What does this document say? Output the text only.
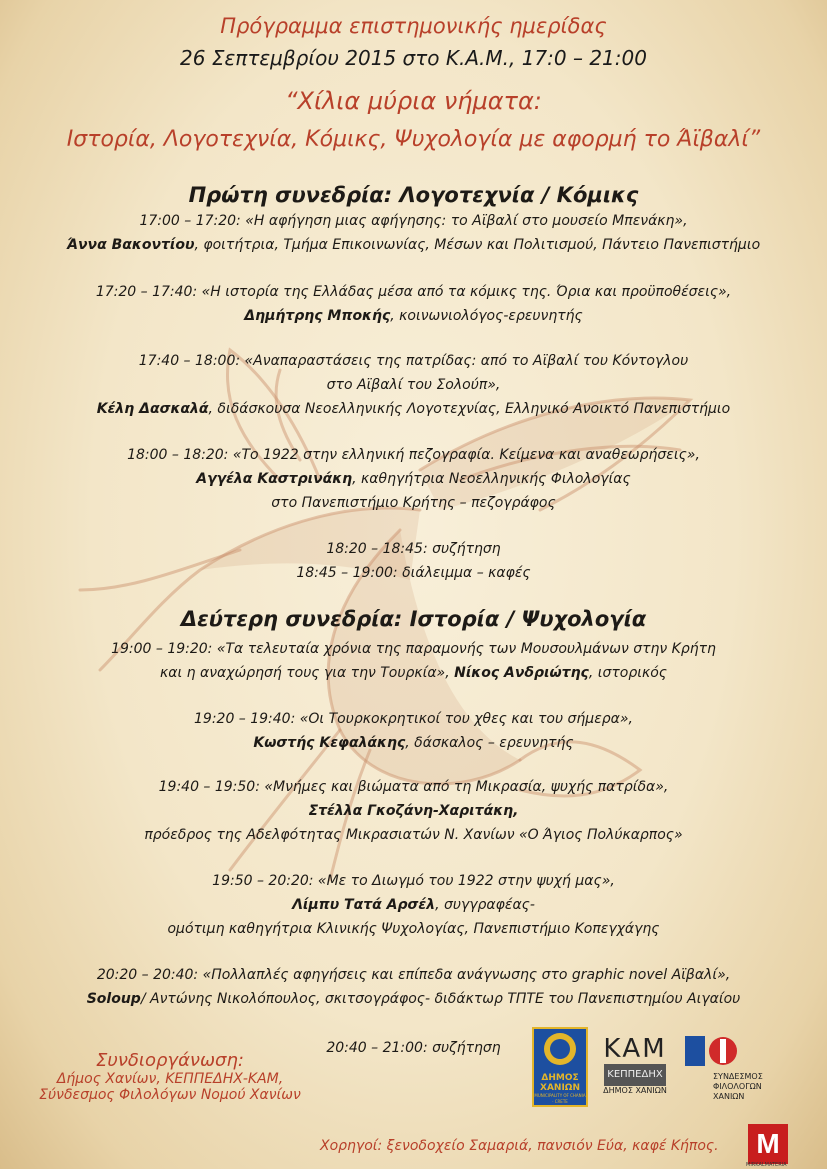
Πρόγραμμα επιστημονικής ημερίδας
26 Σεπτεμβρίου 2015 στο Κ.Α.Μ., 17:0 – 21:00
“Χίλια μύρια νήματα:
Ιστορία, Λογοτεχνία, Κόμικς, Ψυχολογία με αφορμή το Άϊβαλί”
Πρώτη συνεδρία: Λογοτεχνία / Κόμικς
17:00 – 17:20: «Η αφήγηση μιας αφήγησης: το Αϊβαλί στο μουσείο Μπενάκη»,
Άννα Βακοντίου, φοιτήτρια, Τμήμα Επικοινωνίας, Μέσων και Πολιτισμού, Πάντειο Πανεπιστήμιο
17:20 – 17:40: «Η ιστορία της Ελλάδας μέσα από τα κόμικς της. Όρια και προϋποθέσεις»,
Δημήτρης Μποκής, κοινωνιολόγος-ερευνητής
17:40 – 18:00: «Αναπαραστάσεις της πατρίδας: από το Αϊβαλί του Κόντογλου
στο Αϊβαλί του Σολούπ»,
Κέλη Δασκαλά, διδάσκουσα Νεοελληνικής Λογοτεχνίας, Ελληνικό Ανοικτό Πανεπιστήμιο
18:00 – 18:20: «Το 1922 στην ελληνική πεζογραφία. Κείμενα και αναθεωρήσεις»,
Αγγέλα Καστρινάκη, καθηγήτρια Νεοελληνικής Φιλολογίας
στο Πανεπιστήμιο Κρήτης – πεζογράφος
18:20 – 18:45: συζήτηση
18:45 – 19:00: διάλειμμα – καφές
Δεύτερη συνεδρία: Ιστορία / Ψυχολογία
19:00 – 19:20: «Τα τελευταία χρόνια της παραμονής των Μουσουλμάνων στην Κρήτη
και η αναχώρησή τους για την Τουρκία», Νίκος Ανδριώτης, ιστορικός
19:20 – 19:40: «Οι Τουρκοκρητικοί του χθες και του σήμερα»,
Κωστής Κεφαλάκης, δάσκαλος – ερευνητής
19:40 – 19:50: «Μνήμες και βιώματα από τη Μικρασία, ψυχής πατρίδα»,
Στέλλα Γκοζάνη-Χαριτάκη,
πρόεδρος της Αδελφότητας Μικρασιατών Ν. Χανίων «Ο Άγιος Πολύκαρπος»
19:50 – 20:20: «Με το Διωγμό του 1922 στην ψυχή μας»,
Λίμπυ Τατά Αρσέλ, συγγραφέας-
ομότιμη καθηγήτρια Κλινικής Ψυχολογίας, Πανεπιστήμιο Κοπεγχάγης
20:20 – 20:40: «Πολλαπλές αφηγήσεις και επίπεδα ανάγνωσης στο graphic novel Αϊβαλί»,
Soloup/ Αντώνης Νικολόπουλος, σκιτσογράφος- διδάκτωρ ΤΠΤΕ του Πανεπιστημίου Αιγαίου
20:40 – 21:00: συζήτηση
Συνδιοργάνωση:
Δήμος Χανίων, ΚΕΠΠΕΔΗΧ-ΚΑΜ,
Σύνδεσμος Φιλολόγων Νομού Χανίων
ΔΗΜΟΣ ΧΑΝΙΩΝ
MUNICIPALITY OF CHANIA · CRETE
ΚΑΜ
ΚΕΠΠΕΔΗΧ
ΔΗΜΟΣ ΧΑΝΙΩΝ
ΣΥΝΔΕΣΜΟΣ
ΦΙΛΟΛΟΓΩΝ
ΧΑΝΙΩΝ
M
MIRKALMATERIA
Χορηγοί: ξενοδοχείο Σαμαριά, πανσιόν Εύα, καφέ Κήπος.
